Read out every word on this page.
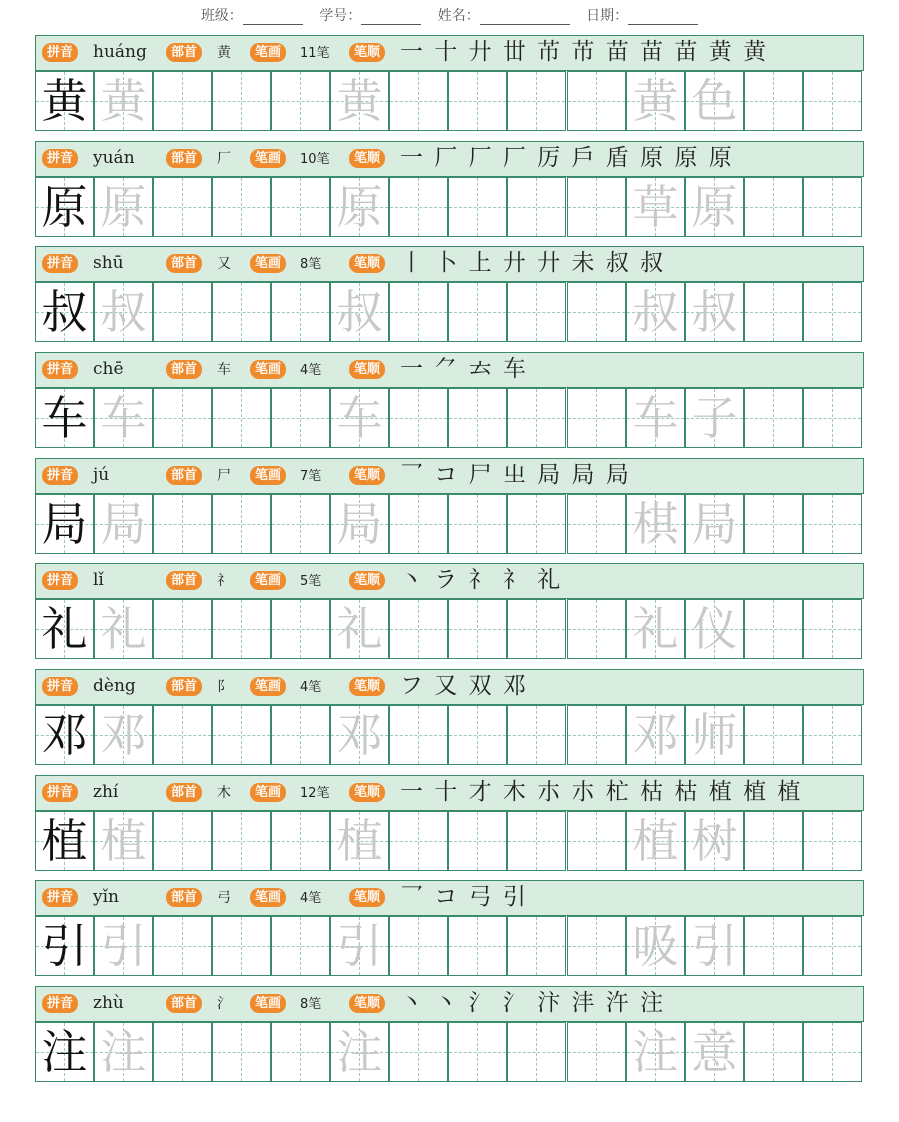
班级：	学号：	姓名：	日期：
拼音 huáng	部首	黄	笔画	11笔	笔顺 一 十 廾 丗 芇 芇 苗 苗 苗 黄 黄
黄 黄	黄	黄 色
拼音 yuán	部首	厂	笔画	10笔	笔顺 一 厂 厂 厂 厉 戶 盾 原 原 原
原 原	原	草 原
拼音 shū	部首	又	笔画	8笔	笔顺 丨 卜 上 ⼶ ⼶ 未 叔 叔
叔 叔	叔	叔 叔
拼音 chē	部首	车	笔画	4笔	笔顺 一 ⺈ 𠫓 车
车 车	车	车 子
拼音 jú	部首	尸	笔画	7笔	笔顺 乛 コ 尸 㞢 局 局 局
局 局	局	棋 局
拼音 lǐ	部首	礻	笔画	5笔	笔顺 丶 ラ 礻 礻 礼
礼 礼	礼	礼 仪
拼音 dèng	部首	阝	笔画	4笔	笔顺 フ 又 双 邓
邓 邓	邓	邓 师
拼音 zhí	部首	木	笔画	12笔	笔顺 一 十 才 木 朩 朩 杧 枯 枯 植 植 植
植 植	植	植 树
拼音 yǐn	部首	弓	笔画	4笔	笔顺 乛 コ 弓 引
引 引	引	吸 引
拼音 zhù	部首	氵	笔画	8笔	笔顺 丶 丶 氵 氵 汴 沣 汻 注
注 注	注	注 意
